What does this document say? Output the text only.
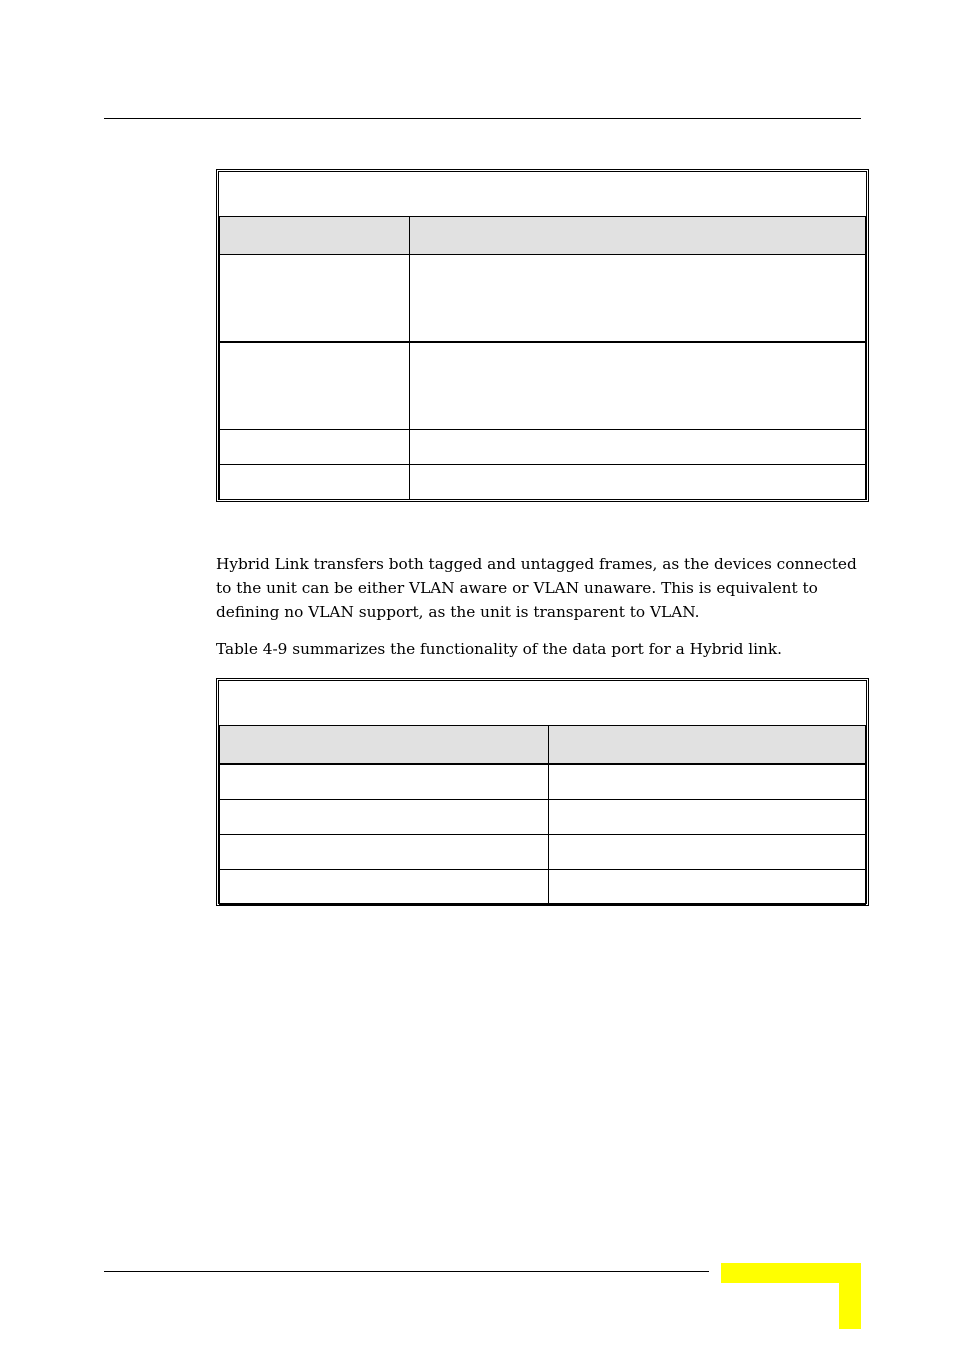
Hybrid Link transfers both tagged and untagged frames, as the devices connected to the unit can be either VLAN aware or VLAN unaware. This is equivalent to defining no VLAN support, as the unit is transparent to VLAN.

Table 4-9 summarizes the functionality of the data port for a Hybrid link.
